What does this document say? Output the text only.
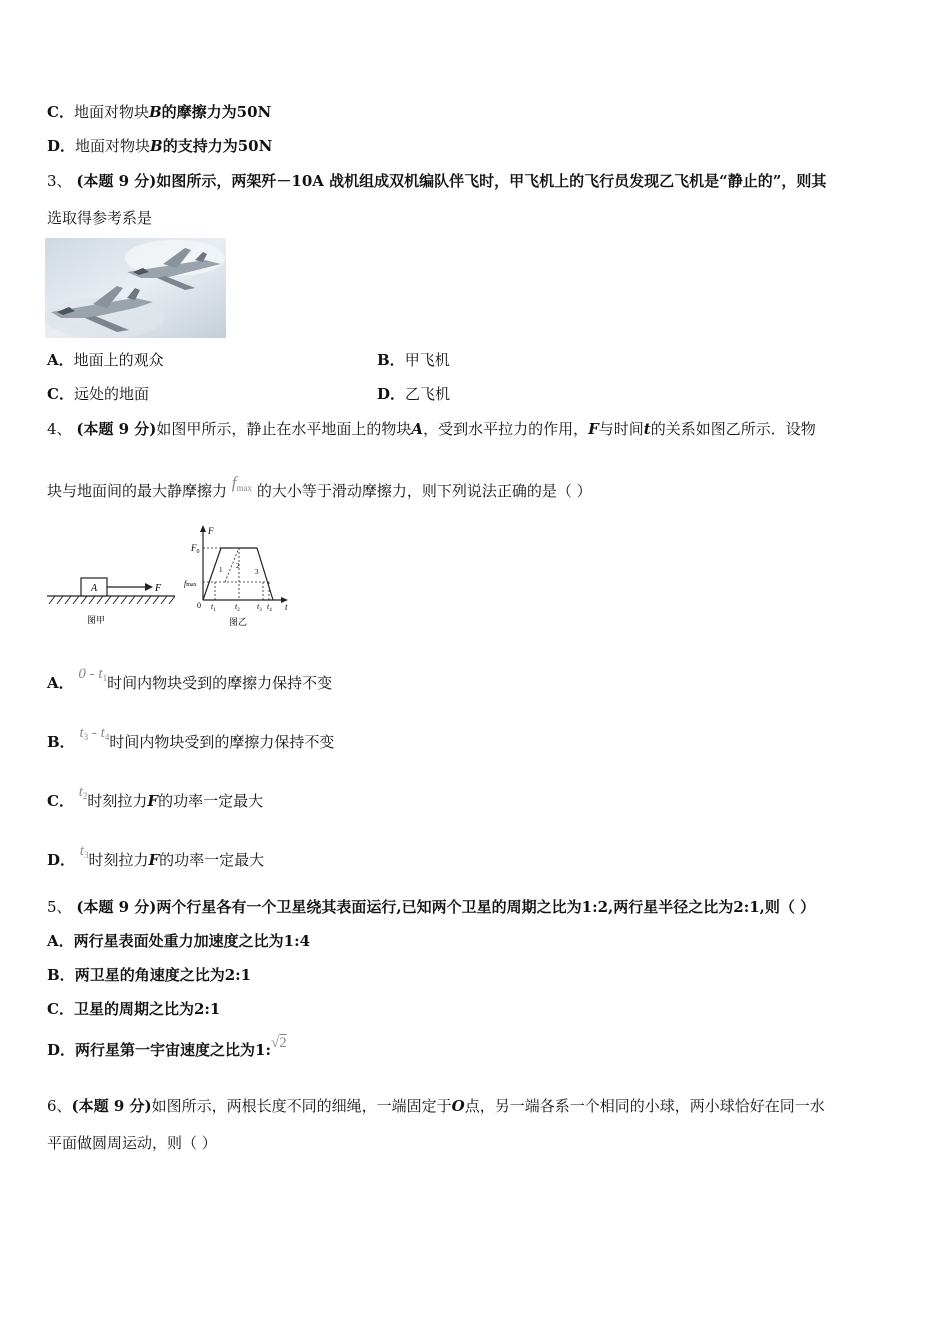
C．地面对物块B的摩擦力为50N
D．地面对物块B的支持力为50N
3、 (本题 9 分)如图所示，两架歼－10A 战机组成双机编队伴飞时，甲飞机上的飞行员发现乙飞机是“静止的”，则其
选取得参考系是
A．地面上的观众	B．甲飞机
C．远处的地面	D．乙飞机
4、 (本题 9 分)如图甲所示，静止在水平地面上的物块A，受到水平拉力的作用，F与时间t的关系如图乙所示．设物
块与地面间的最大静摩擦力 $f_{max}$ 的大小等于滑动摩擦力，则下列说法正确的是（ ）
A	F
图甲
F
t
$F_0$
fmax
0
1 2
3
$t_1$ $t_2$ $t_3$ $t_4$
图乙
A． $0 - t_1$时间内物块受到的摩擦力保持不变
B． $t_3 - t_4$时间内物块受到的摩擦力保持不变
C． $t_2$时刻拉力F的功率一定最大
D． $t_3$时刻拉力F的功率一定最大
5、 (本题 9 分)两个行星各有一个卫星绕其表面运行,已知两个卫星的周期之比为1:2,两行星半径之比为2:1,则（ ）
A．两行星表面处重力加速度之比为1:4
B．两卫星的角速度之比为2:1
C．卫星的周期之比为2:1
D．两行星第一宇宙速度之比为1:√2
6、(本题 9 分)如图所示，两根长度不同的细绳，一端固定于O点，另一端各系一个相同的小球，两小球恰好在同一水
平面做圆周运动，则（ ）
